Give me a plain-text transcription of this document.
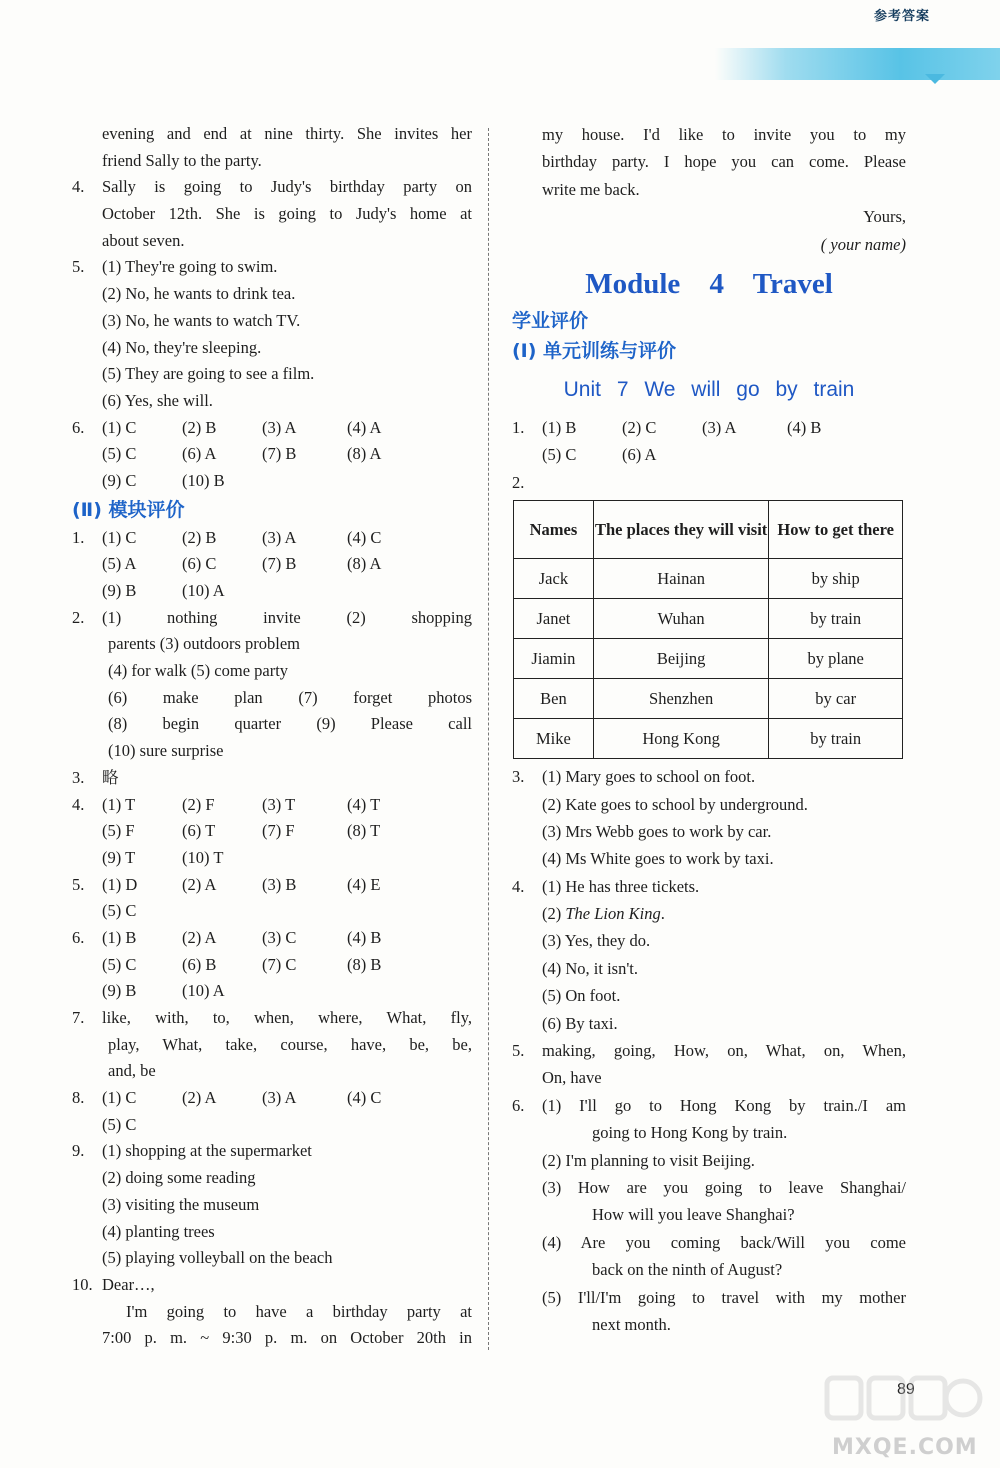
参考答案
evening and end at nine thirty. She invites her
friend Sally to the party.
4. Sally is going to Judy's birthday party on
October 12th. She is going to Judy's home at
about seven.
5. (1) They're going to swim.
(2) No, he wants to drink tea.
(3) No, he wants to watch TV.
(4) No, they're sleeping.
(5) They are going to see a film.
(6) Yes, she will.
6. (1) C	(2) B	(3) A	(4) A
(5) C	(6) A	(7) B	(8) A
(9) C	(10) B
(Ⅱ) 模块评价
1. (1) C	(2) B	(3) A	(4) C
(5) A	(6) C	(7) B	(8) A
(9) B	(10) A
2. (1) nothing invite (2) shopping
parents (3) outdoors problem
(4) for walk (5) come party
(6) make plan (7) forget photos
(8) begin quarter (9) Please call
(10) sure surprise
3. 略
4. (1) T	(2) F	(3) T	(4) T
(5) F	(6) T	(7) F	(8) T
(9) T	(10) T
5. (1) D	(2) A	(3) B	(4) E
(5) C
6. (1) B	(2) A	(3) C	(4) B
(5) C	(6) B	(7) C	(8) B
(9) B	(10) A
7. like, with, to, when, where, What, fly,
play, What, take, course, have, be, be,
and, be
8. (1) C	(2) A	(3) A	(4) C
(5) C
9. (1) shopping at the supermarket
(2) doing some reading
(3) visiting the museum
(4) planting trees
(5) playing volleyball on the beach
10. Dear…,
I'm going to have a birthday party at
7:00 p. m. ~ 9:30 p. m. on October 20th in
my house. I'd like to invite you to my
birthday party. I hope you can come. Please
write me back.
Yours,
( your name)
Module 4 Travel
学业评价
(Ⅰ) 单元训练与评价
Unit 7 We will go by train
1. (1) B	(2) C	(3) A	(4) B
(5) C	(6) A
2.
Names	The places they will visit	How to get there
Jack	Hainan	by ship
Janet	Wuhan	by train
Jiamin	Beijing	by plane
Ben	Shenzhen	by car
Mike	Hong Kong	by train
3. (1) Mary goes to school on foot.
(2) Kate goes to school by underground.
(3) Mrs Webb goes to work by car.
(4) Ms White goes to work by taxi.
4. (1) He has three tickets.
(2) The Lion King.
(3) Yes, they do.
(4) No, it isn't.
(5) On foot.
(6) By taxi.
5. making, going, How, on, What, on, When,
On, have
6. (1) I'll go to Hong Kong by train./I am
going to Hong Kong by train.
(2) I'm planning to visit Beijing.
(3) How are you going to leave Shanghai/
How will you leave Shanghai?
(4) Are you coming back/Will you come
back on the ninth of August?
(5) I'll/I'm going to travel with my mother
next month.
89
MXQE.COM
